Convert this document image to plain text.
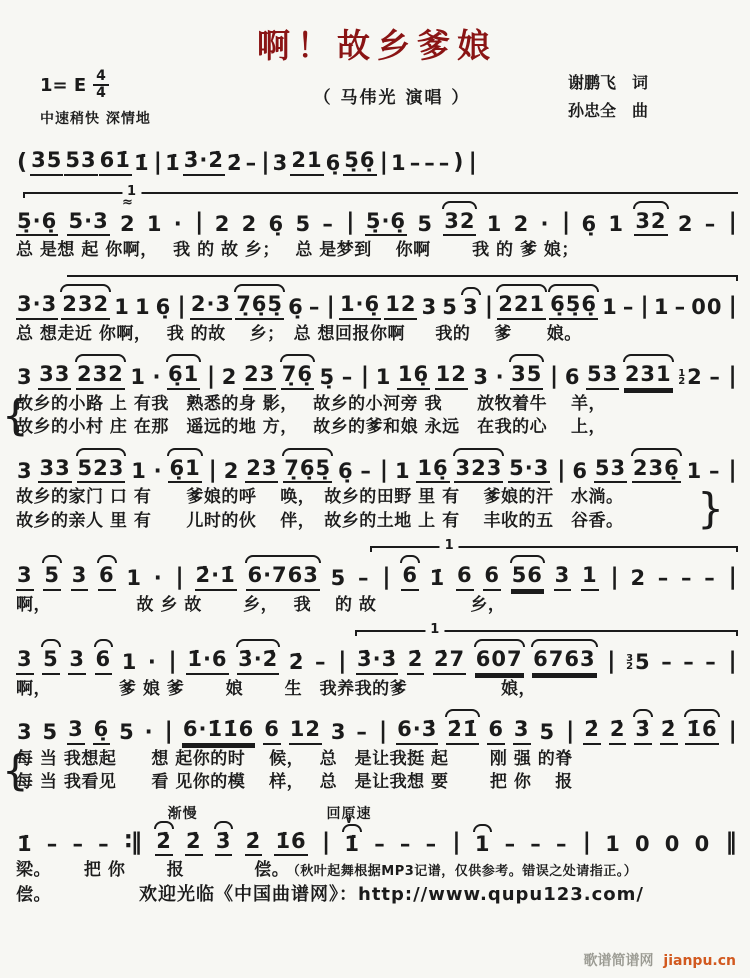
啊！故乡爹娘
1= E $\frac{4}{4}$
中速稍快 深情地
（ 马伟光 演唱 ）
谢鹏飞　词
孙忠全　曲
( 35 53 61̇ 1̇ | 1̇ 3̇·2̇ 2̇ – | 3 21 6̣ 5̣6̣ | 1 – – – ) |
1
5̣·6̣ 5·3 2 ≈ 1 · | 2 2 6̣ 5 – | 5̣·6̣ 5 32 1 2 · | 6̣ 1 32 2 – |
总 是想 起 你啊，　 我 的 故 乡；　 总 是梦到　 你啊　　 我 的 爹 娘；
3·3 232 1 1 6̣ | 2·3 7̣6̣5̣ 6̣ – | 1·6̣ 12 3 5 3 | 221 6̣5̣6̣ 1 – | 1 – 00 |
总 想走近 你啊，　 我 的故　 乡；　总 想回报你啊　  我的　 爹　　娘。
3 33 232 1 · 6̣1 | 2 23 7̣6̣ 5̣ – | 1 16̣ 12 3 · 35 | 6 53 231 1
2 2 – |
故乡的小路 上 有我　熟悉的身 影，　 故乡的小河旁 我　　放牧着牛　 羊，
故乡的小村 庄 在那　遥远的地 方，　 故乡的爹和娘 永远　在我的心　 上，
{
3 33 523 1 · 6̣1 | 2 23 7̣6̣5̣ 6̣ – | 1 16̣ 323 5·3 | 6 53 236̣ 1 – |
故乡的家门 口 有　　爹娘的呼　 唤，　故乡的田野 里 有　 爹娘的汗　水淌。
故乡的亲人 里 有　　儿时的伙　 伴，　故乡的土地 上 有　 丰收的五　谷香。	}
1
3 5 3 6 1 · | 2̇·1̇ 6·763 5 – | 6 1̇ 6 6 56 3 1 | 2 – – – |
啊，　　　　　 故 乡 故　　 乡，　 我　 的 故　　　　　 乡，
1
3 5 3 6 1 · | 1̇·6 3̇·2̇ 2̇ – | 3̇·3̇ 2̇ 2̇7 607 6763 | 3
2 5 – – – |
啊，　　　　 爹 娘 爹　　 娘　　 生　我养我的爹　　　　　 娘，
3 5 3 6̣ 5 · | 6·1̇1̇6 6 12 3 – | 6·3̇ 2̇1̇ 6 3 5 | 2̇ 2̇ 3̇ 2̇ 1̇6̇ |
每 当 我想起　　想 起你的时　 候，　 总　是让我挺 起　　 刚 强 的脊
每 当 我看见　　看 见你的模　 样，　 总　是让我想 要　　 把 你　 报
{
渐慢	回原速
1̇ – – – ∶‖ 2̇ 2̇ 3̇ 2̇ 1̇6̇ | 1̇ ∨ – – – | 1 – – – | 1 0 0 0 ‖
梁。　　 把 你　　 报　　　　偿。 （秋叶起舞根据MP3记谱，仅供参考。错误之处请指正。）
偿。	欢迎光临《中国曲谱网》：http://www.qupu123.com/
歌谱简谱网 jianpu.cn
